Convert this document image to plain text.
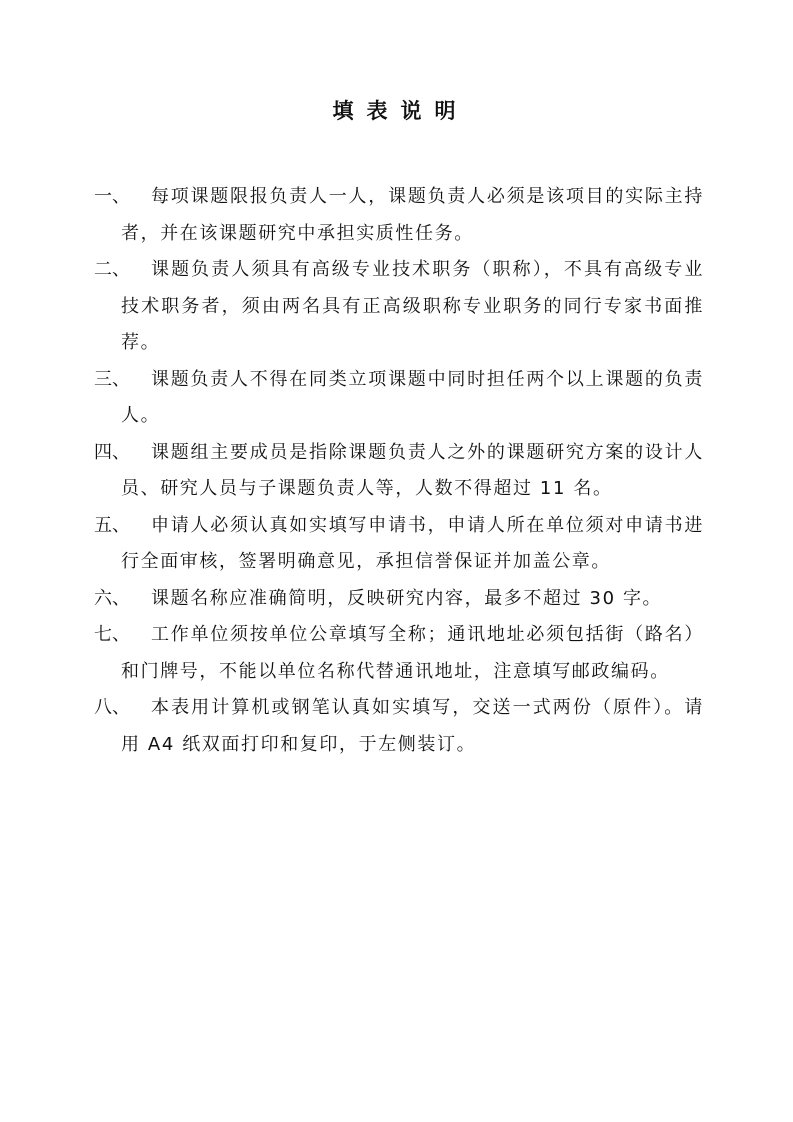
填表说明
一、	每项课题限报负责人一人，课题负责人必须是该项目的实际主持者，并在该课题研究中承担实质性任务。

二、	课题负责人须具有高级专业技术职务（职称），不具有高级专业技术职务者，须由两名具有正高级职称专业职务的同行专家书面推荐。

三、	课题负责人不得在同类立项课题中同时担任两个以上课题的负责人。

四、	课题组主要成员是指除课题负责人之外的课题研究方案的设计人员、研究人员与子课题负责人等，人数不得超过 11 名。

五、	申请人必须认真如实填写申请书，申请人所在单位须对申请书进行全面审核，签署明确意见，承担信誉保证并加盖公章。

六、	课题名称应准确简明，反映研究内容，最多不超过 30 字。

七、	工作单位须按单位公章填写全称；通讯地址必须包括街（路名）和门牌号，不能以单位名称代替通讯地址，注意填写邮政编码。

八、	本表用计算机或钢笔认真如实填写，交送一式两份（原件）。请用 A4 纸双面打印和复印，于左侧装订。
